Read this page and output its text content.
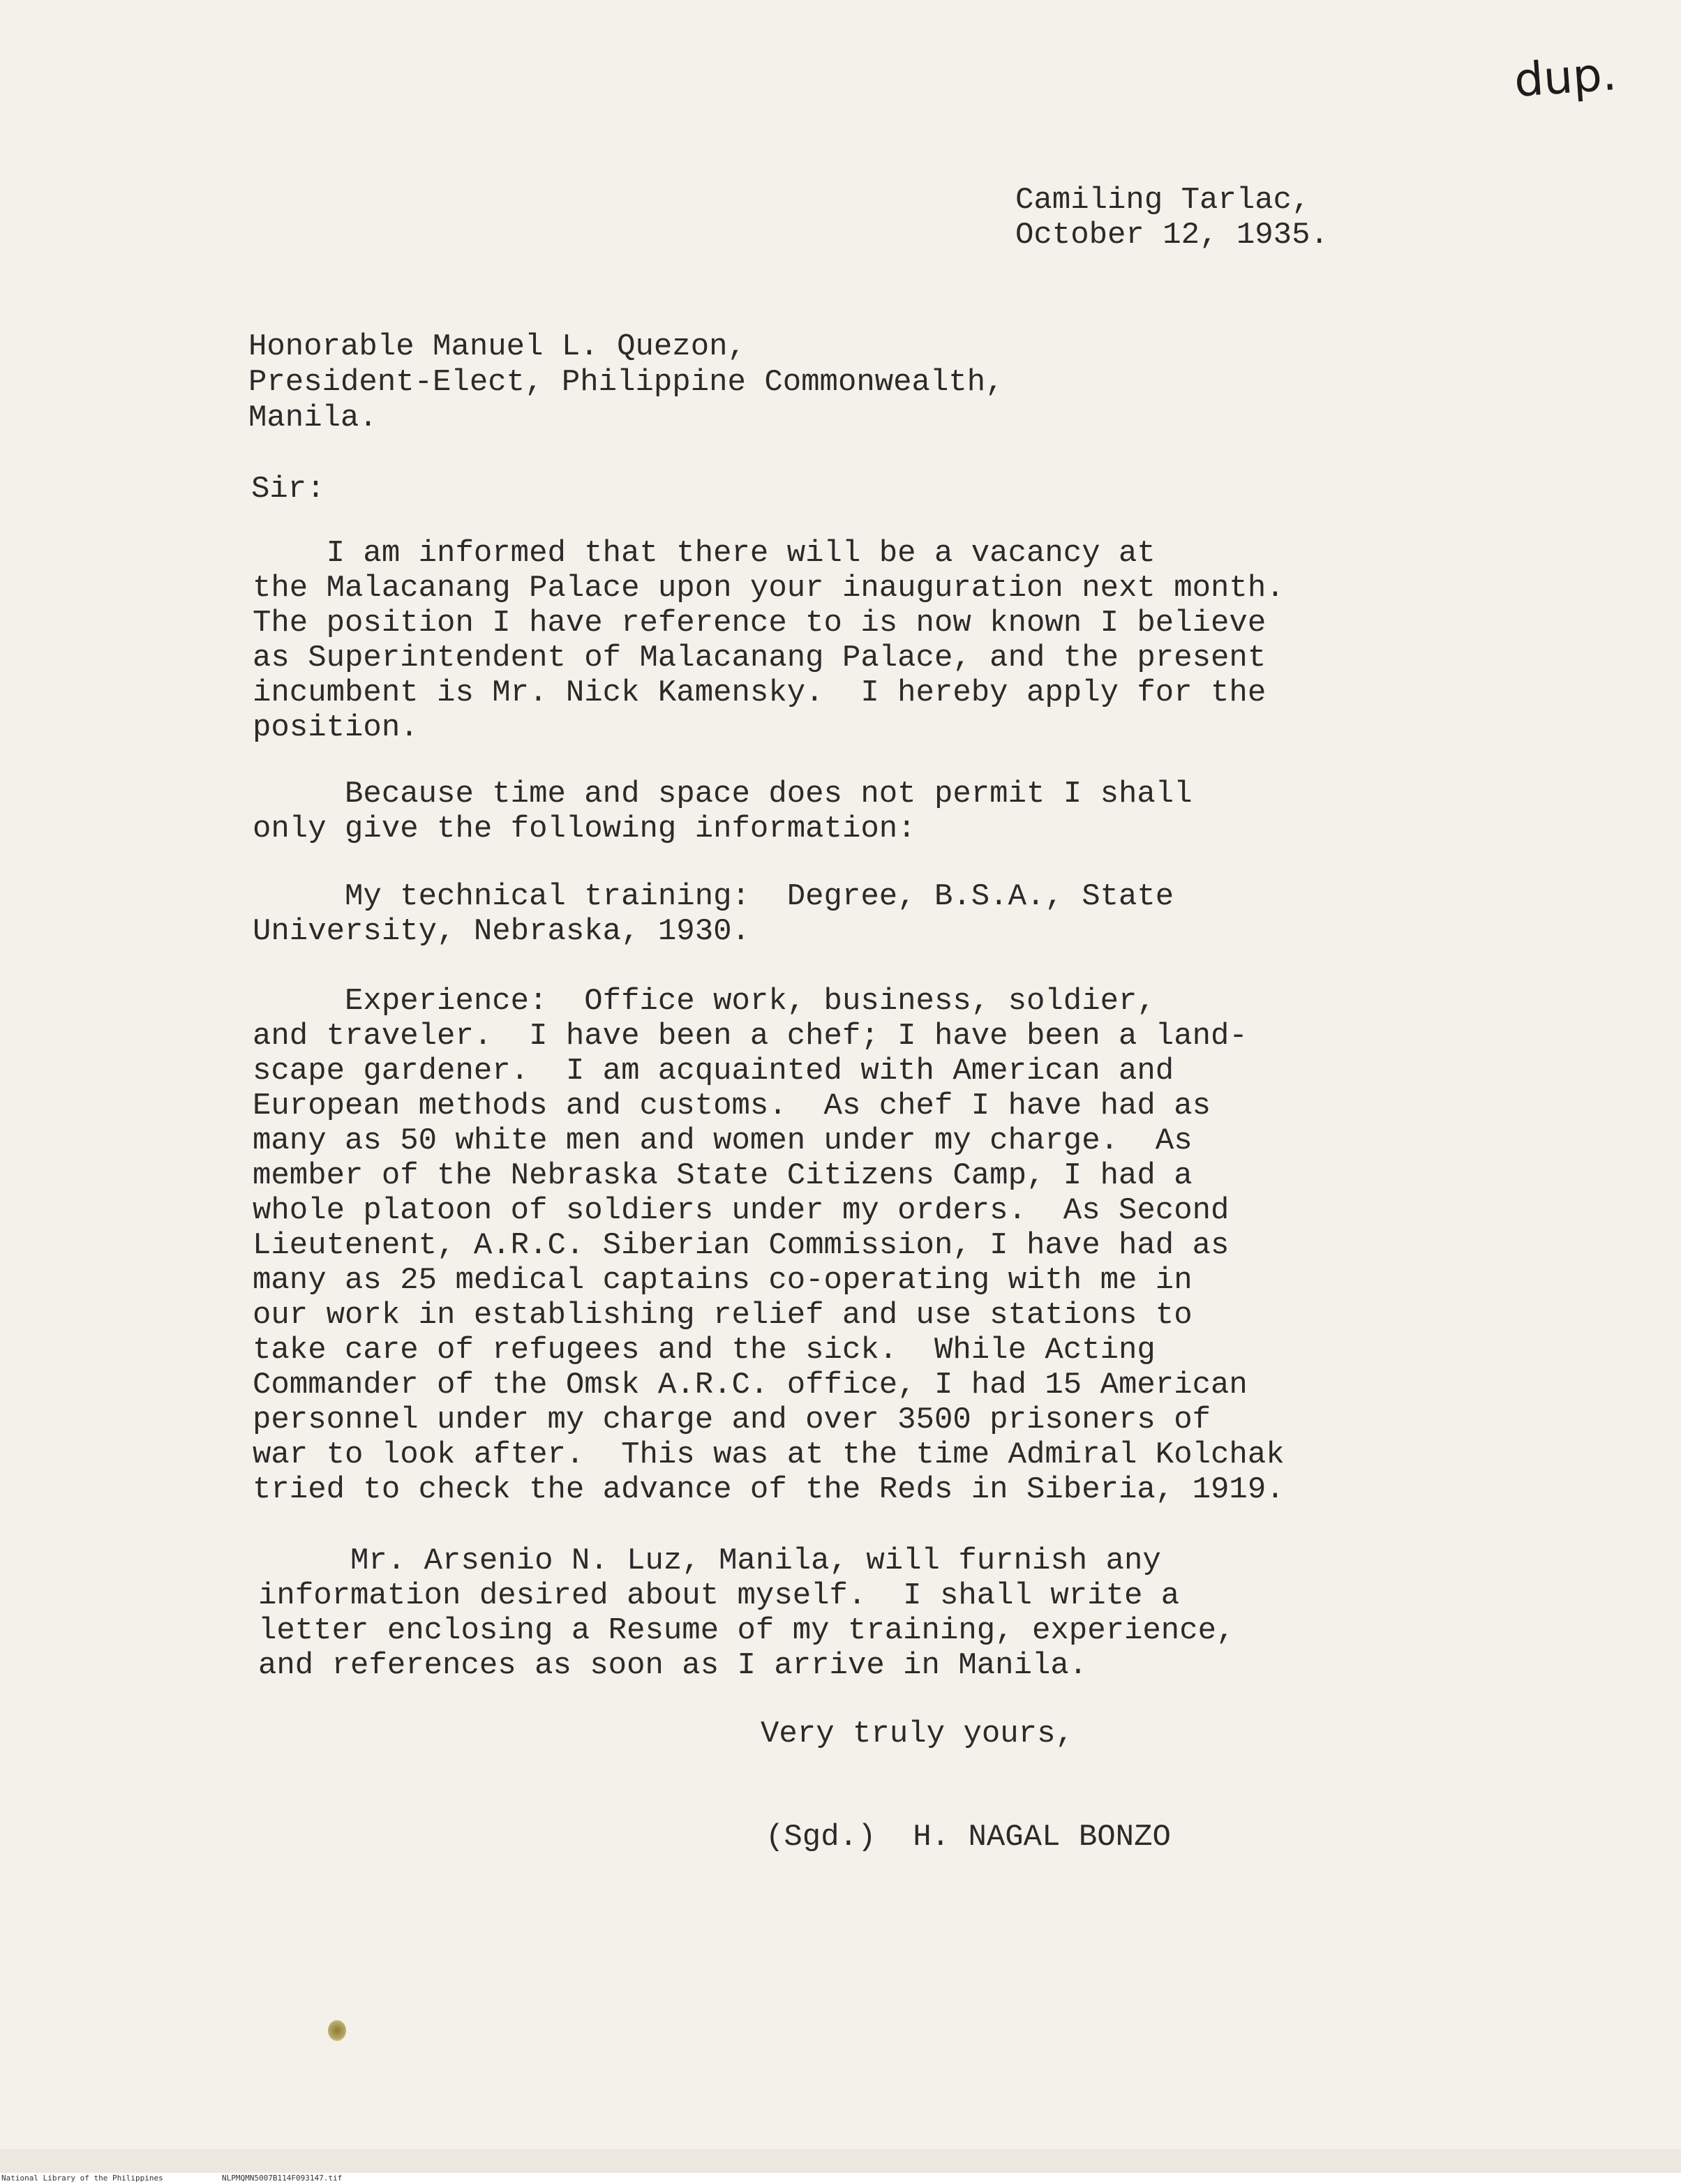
dup.
Camiling Tarlac,
October 12, 1935.
Honorable Manuel L. Quezon,
President-Elect, Philippine Commonwealth,
Manila.
Sir:
I am informed that there will be a vacancy at
the Malacanang Palace upon your inauguration next month.
The position I have reference to is now known I believe
as Superintendent of Malacanang Palace, and the present
incumbent is Mr. Nick Kamensky.  I hereby apply for the
position.
Because time and space does not permit I shall
only give the following information:
My technical training:  Degree, B.S.A., State
University, Nebraska, 1930.
Experience:  Office work, business, soldier,
and traveler.  I have been a chef; I have been a land-
scape gardener.  I am acquainted with American and
European methods and customs.  As chef I have had as
many as 50 white men and women under my charge.  As
member of the Nebraska State Citizens Camp, I had a
whole platoon of soldiers under my orders.  As Second
Lieutenent, A.R.C. Siberian Commission, I have had as
many as 25 medical captains co-operating with me in
our work in establishing relief and use stations to
take care of refugees and the sick.  While Acting
Commander of the Omsk A.R.C. office, I had 15 American
personnel under my charge and over 3500 prisoners of
war to look after.  This was at the time Admiral Kolchak
tried to check the advance of the Reds in Siberia, 1919.
Mr. Arsenio N. Luz, Manila, will furnish any
information desired about myself.  I shall write a
letter enclosing a Resume of my training, experience,
and references as soon as I arrive in Manila.
Very truly yours,
(Sgd.)  H. NAGAL BONZO
National Library of the Philippines	NLPMQMN5007B114F093147.tif
